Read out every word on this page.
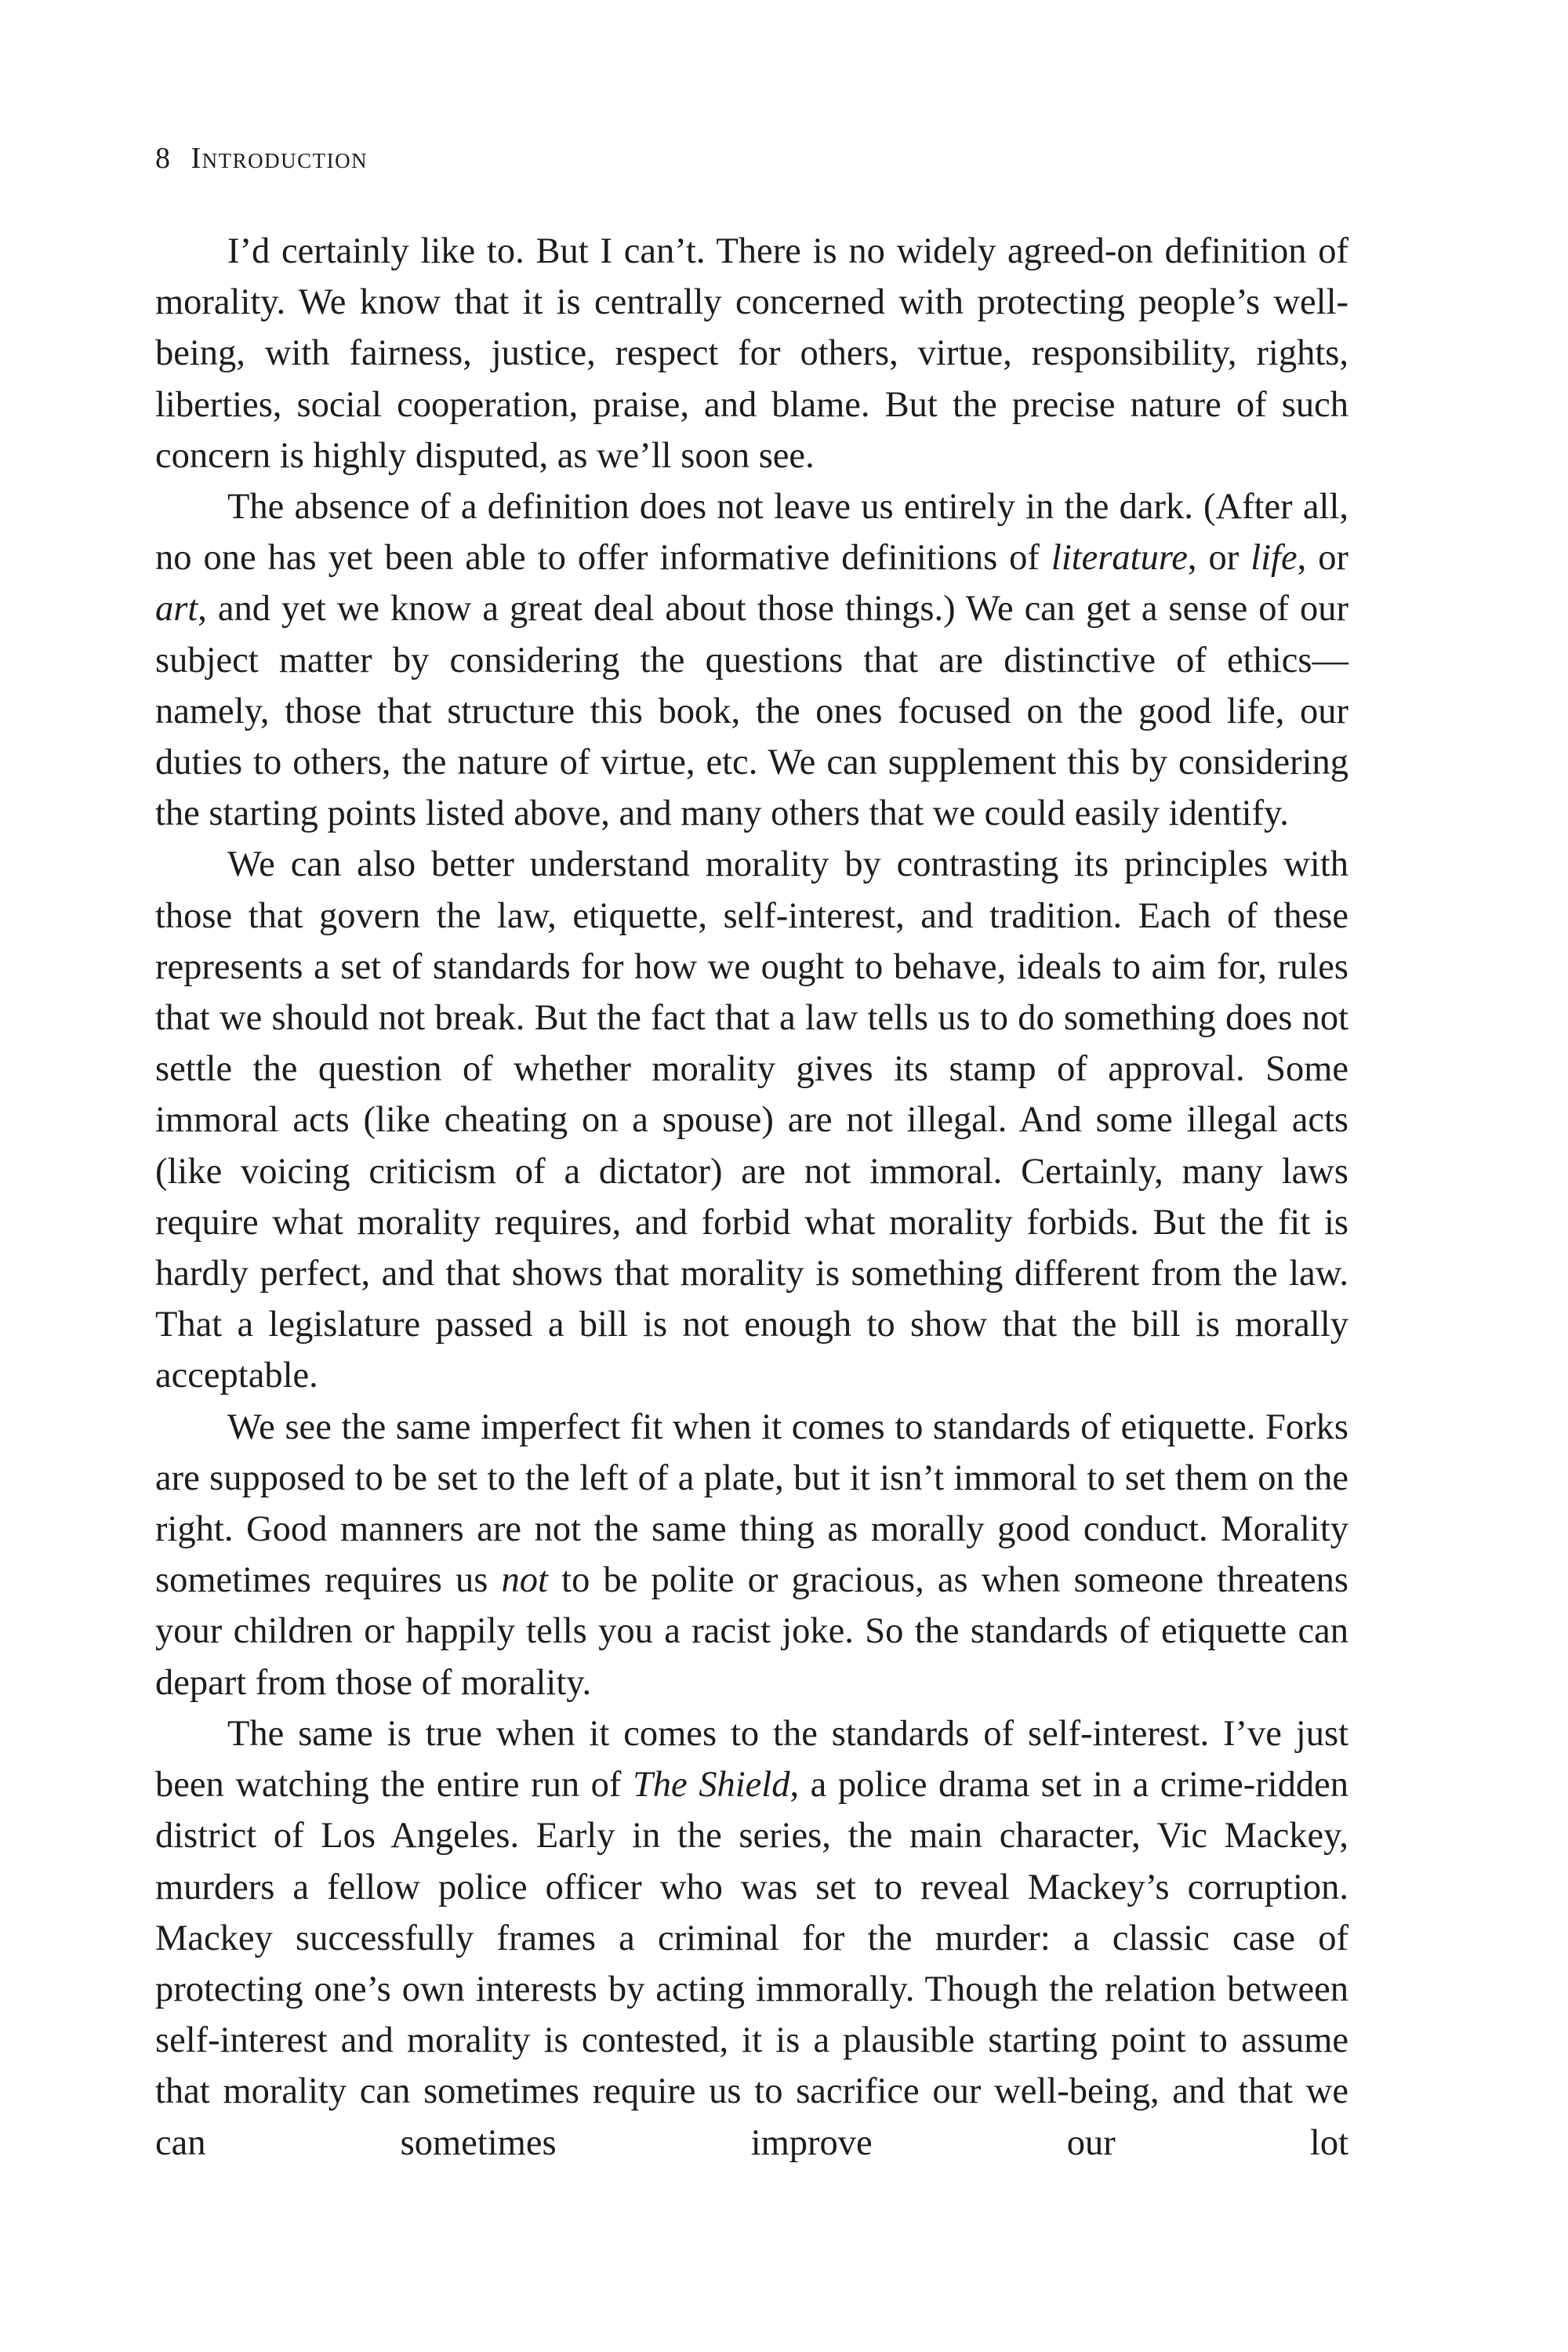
8 Introduction

I’d certainly like to. But I can’t. There is no widely agreed-on definition of morality. We know that it is centrally concerned with protecting people’s well-being, with fairness, justice, respect for others, virtue, responsibility, rights, liberties, social cooperation, praise, and blame. But the precise nature of such concern is highly disputed, as we’ll soon see.

The absence of a definition does not leave us entirely in the dark. (After all, no one has yet been able to offer informative definitions of literature, or life, or art, and yet we know a great deal about those things.) We can get a sense of our subject matter by considering the questions that are distinctive of ethics—namely, those that structure this book, the ones focused on the good life, our duties to others, the nature of virtue, etc. We can supplement this by considering the starting points listed above, and many others that we could easily identify.

We can also better understand morality by contrasting its principles with those that govern the law, etiquette, self-interest, and tradition. Each of these represents a set of standards for how we ought to behave, ideals to aim for, rules that we should not break. But the fact that a law tells us to do something does not settle the question of whether morality gives its stamp of approval. Some immoral acts (like cheating on a spouse) are not illegal. And some illegal acts (like voicing criticism of a dictator) are not immoral. Certainly, many laws require what morality requires, and forbid what morality forbids. But the fit is hardly perfect, and that shows that morality is something different from the law. That a legislature passed a bill is not enough to show that the bill is morally acceptable.

We see the same imperfect fit when it comes to standards of etiquette. Forks are supposed to be set to the left of a plate, but it isn’t immoral to set them on the right. Good manners are not the same thing as morally good conduct. Morality sometimes requires us not to be polite or gracious, as when someone threatens your children or happily tells you a racist joke. So the standards of etiquette can depart from those of morality.

The same is true when it comes to the standards of self-interest. I’ve just been watching the entire run of The Shield, a police drama set in a crime-ridden district of Los Angeles. Early in the series, the main character, Vic Mackey, murders a fellow police officer who was set to reveal Mackey’s corruption. Mackey successfully frames a criminal for the murder: a classic case of protecting one’s own interests by acting immorally. Though the relation between self-interest and morality is contested, it is a plausible starting point to assume that morality can sometimes require us to sacrifice our well-being, and that we can sometimes improve our lot
